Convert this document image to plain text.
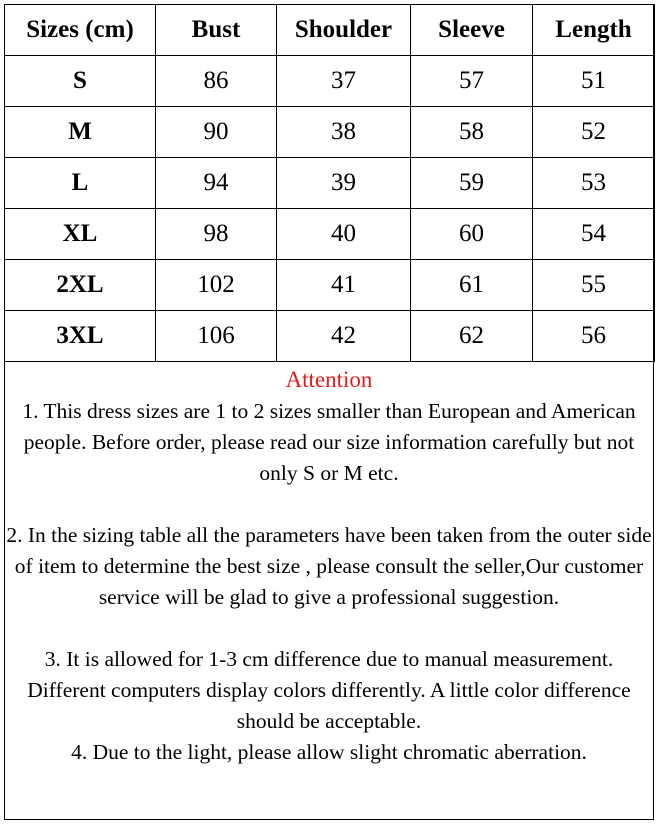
Sizes (cm)	Bust	Shoulder	Sleeve	Length
S	86	37	57	51
M	90	38	58	52
L	94	39	59	53
XL	98	40	60	54
2XL	102	41	61	55
3XL	106	42	62	56

Attention

1. This dress sizes are 1 to 2 sizes smaller than European and American people. Before order, please read our size information carefully but not only S or M etc.

2. In the sizing table all the parameters have been taken from the outer side of item to determine the best size , please consult the seller,Our customer service will be glad to give a professional suggestion.

3. It is allowed for 1-3 cm difference due to manual measurement. Different computers display colors differently. A little color difference should be acceptable.

4. Due to the light, please allow slight chromatic aberration.
